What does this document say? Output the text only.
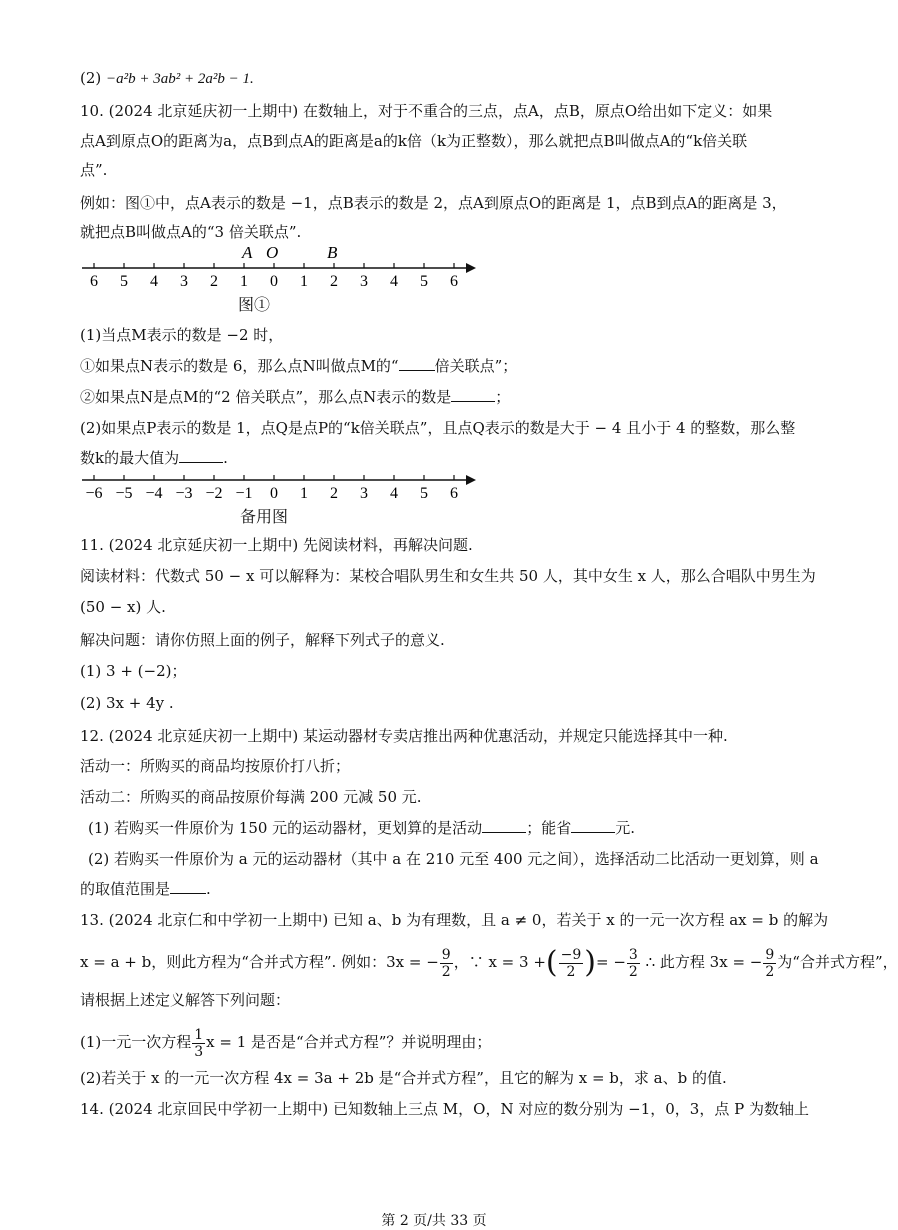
(2) −a²b + 3ab² + 2a²b − 1.
10. (2024 北京延庆初一上期中) 在数轴上，对于不重合的三点，点A，点B，原点O给出如下定义：如果
点A到原点O的距离为a，点B到点A的距离是a的k倍（k为正整数），那么就把点B叫做点A的“k倍关联
点”.
例如：图①中，点A表示的数是 −1，点B表示的数是 2，点A到原点O的距离是 1，点B到点A的距离是 3，
就把点B叫做点A的“3 倍关联点”.
6 5 4 3 2 1 0 1 2 3 4 5 6
A O	B
图①
(1)当点M表示的数是 −2 时，
①如果点N表示的数是 6，那么点N叫做点M的“ 倍关联点”；
②如果点N是点M的“2 倍关联点”，那么点N表示的数是	；
(2)如果点P表示的数是 1，点Q是点P的“k倍关联点”，且点Q表示的数是大于 − 4 且小于 4 的整数，那么整
数k的最大值为	.
−6 −5 −4 −3 −2 −1 0 1 2 3 4 5 6
备用图
11. (2024 北京延庆初一上期中) 先阅读材料，再解决问题.
阅读材料：代数式 50 − x 可以解释为：某校合唱队男生和女生共 50 人，其中女生 x 人，那么合唱队中男生为
(50 − x) 人.
解决问题：请你仿照上面的例子，解释下列式子的意义.
(1) 3 + (−2)；
(2) 3x + 4y .
12. (2024 北京延庆初一上期中) 某运动器材专卖店推出两种优惠活动，并规定只能选择其中一种.
活动一：所购买的商品均按原价打八折；
活动二：所购买的商品按原价每满 200 元减 50 元.
(1) 若购买一件原价为 150 元的运动器材，更划算的是活动	；能省	元.
(2) 若购买一件原价为 a 元的运动器材（其中 a 在 210 元至 400 元之间），选择活动二比活动一更划算，则 a
的取值范围是 .
13. (2024 北京仁和中学初一上期中) 已知 a、b 为有理数，且 a ≠ 0，若关于 x 的一元一次方程 ax = b 的解为
x = a + b，则此方程为“合并式方程”. 例如：3x = − $\frac{9}{2}$ ，∵ x = 3 +( $\frac{-9}{2}$ )= − $\frac{3}{2}$ ∴ 此方程 3x = − $\frac{9}{2}$ 为“合并式方程”，
请根据上述定义解答下列问题：
(1)一元一次方程 $\frac{1}{3}$ x = 1 是否是“合并式方程”？并说明理由；
(2)若关于 x 的一元一次方程 4x = 3a + 2b 是“合并式方程”，且它的解为 x = b，求 a、b 的值.
14. (2024 北京回民中学初一上期中) 已知数轴上三点 M，O，N 对应的数分别为 −1，0，3，点 P 为数轴上
第 2 页/共 33 页
